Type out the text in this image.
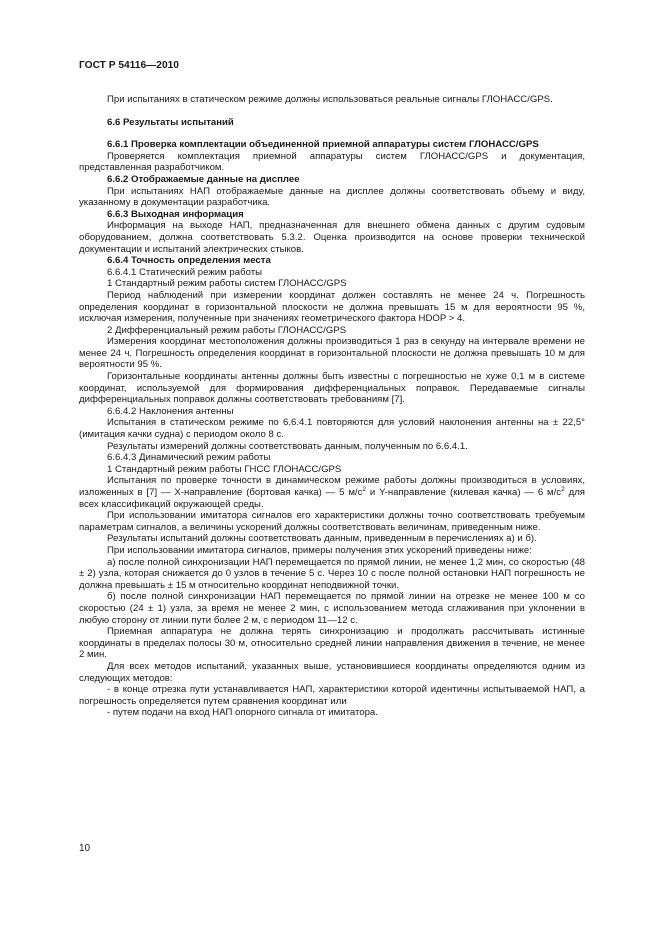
ГОСТ Р 54116—2010

При испытаниях в статическом режиме должны использоваться реальные сигналы ГЛОНАСС/GPS.

6.6 Результаты испытаний

6.6.1 Проверка комплектации объединенной приемной аппаратуры систем ГЛОНАСС/GPS

Проверяется комплектация приемной аппаратуры систем ГЛОНАСС/GPS и документация, представленная разработчиком.

6.6.2 Отображаемые данные на дисплее

При испытаниях НАП отображаемые данные на дисплее должны соответствовать объему и виду, указанному в документации разработчика.

6.6.3 Выходная информация

Информация на выходе НАП, предназначенная для внешнего обмена данных с другим судовым оборудованием, должна соответствовать 5.3.2. Оценка производится на основе проверки технической документации и испытаний электрических стыков.

6.6.4 Точность определения места

6.6.4.1 Статический режим работы

1 Стандартный режим работы систем ГЛОНАСС/GPS

Период наблюдений при измерении координат должен составлять не менее 24 ч. Погрешность определения координат в горизонтальной плоскости не должна превышать 15 м для вероятности 95 %, исключая измерения, полученные при значениях геометрического фактора HDOP > 4.

2 Дифференциальный режим работы ГЛОНАСС/GPS

Измерения координат местоположения должны производиться 1 раз в секунду на интервале времени не менее 24 ч. Погрешность определения координат в горизонтальной плоскости не должна превышать 10 м для вероятности 95 %.

Горизонтальные координаты антенны должны быть известны с погрешностью не хуже 0,1 м в системе координат, используемой для формирования дифференциальных поправок. Передаваемые сигналы дифференциальных поправок должны соответствовать требованиям [7].

6.6.4.2 Наклонения антенны

Испытания в статическом режиме по 6.6.4.1 повторяются для условий наклонения антенны на ± 22,5° (имитация качки судна) с периодом около 8 с.

Результаты измерений должны соответствовать данным, полученным по 6.6.4.1.

6.6.4.3 Динамический режим работы

1 Стандартный режим работы ГНСС ГЛОНАСС/GPS

Испытания по проверке точности в динамическом режиме работы должны производиться в условиях, изложенных в [7] — X-направление (бортовая качка) — 5 $м/с^2$ и Y-направление (килевая качка) — 6 $м/с^2$ для всех классификаций окружающей среды.

При использовании имитатора сигналов его характеристики должны точно соответствовать требуемым параметрам сигналов, а величины ускорений должны соответствовать величинам, приведенным ниже.

Результаты испытаний должны соответствовать данным, приведенным в перечислениях а) и б).

При использовании имитатора сигналов, примеры получения этих ускорений приведены ниже:

а) после полной синхронизации НАП перемещается по прямой линии, не менее 1,2 мин, со скоростью (48 ± 2) узла, которая снижается до 0 узлов в течение 5 с. Через 10 с после полной остановки НАП погрешность не должна превышать ± 15 м относительно координат неподвижной точки.

б) после полной синхронизации НАП перемещается по прямой линии на отрезке не менее 100 м со скоростью (24 ± 1) узла, за время не менее 2 мин, с использованием метода сглаживания при уклонении в любую сторону от линии пути более 2 м, с периодом 11—12 с.

Приемная аппаратура не должна терять синхронизацию и продолжать рассчитывать истинные координаты в пределах полосы 30 м, относительно средней линии направления движения в течение, не менее 2 мин.

Для всех методов испытаний, указанных выше, установившиеся координаты определяются одним из следующих методов:

- в конце отрезка пути устанавливается НАП, характеристики которой идентичны испытываемой НАП, а погрешность определяется путем сравнения координат или

- путем подачи на вход НАП опорного сигнала от имитатора.

10
